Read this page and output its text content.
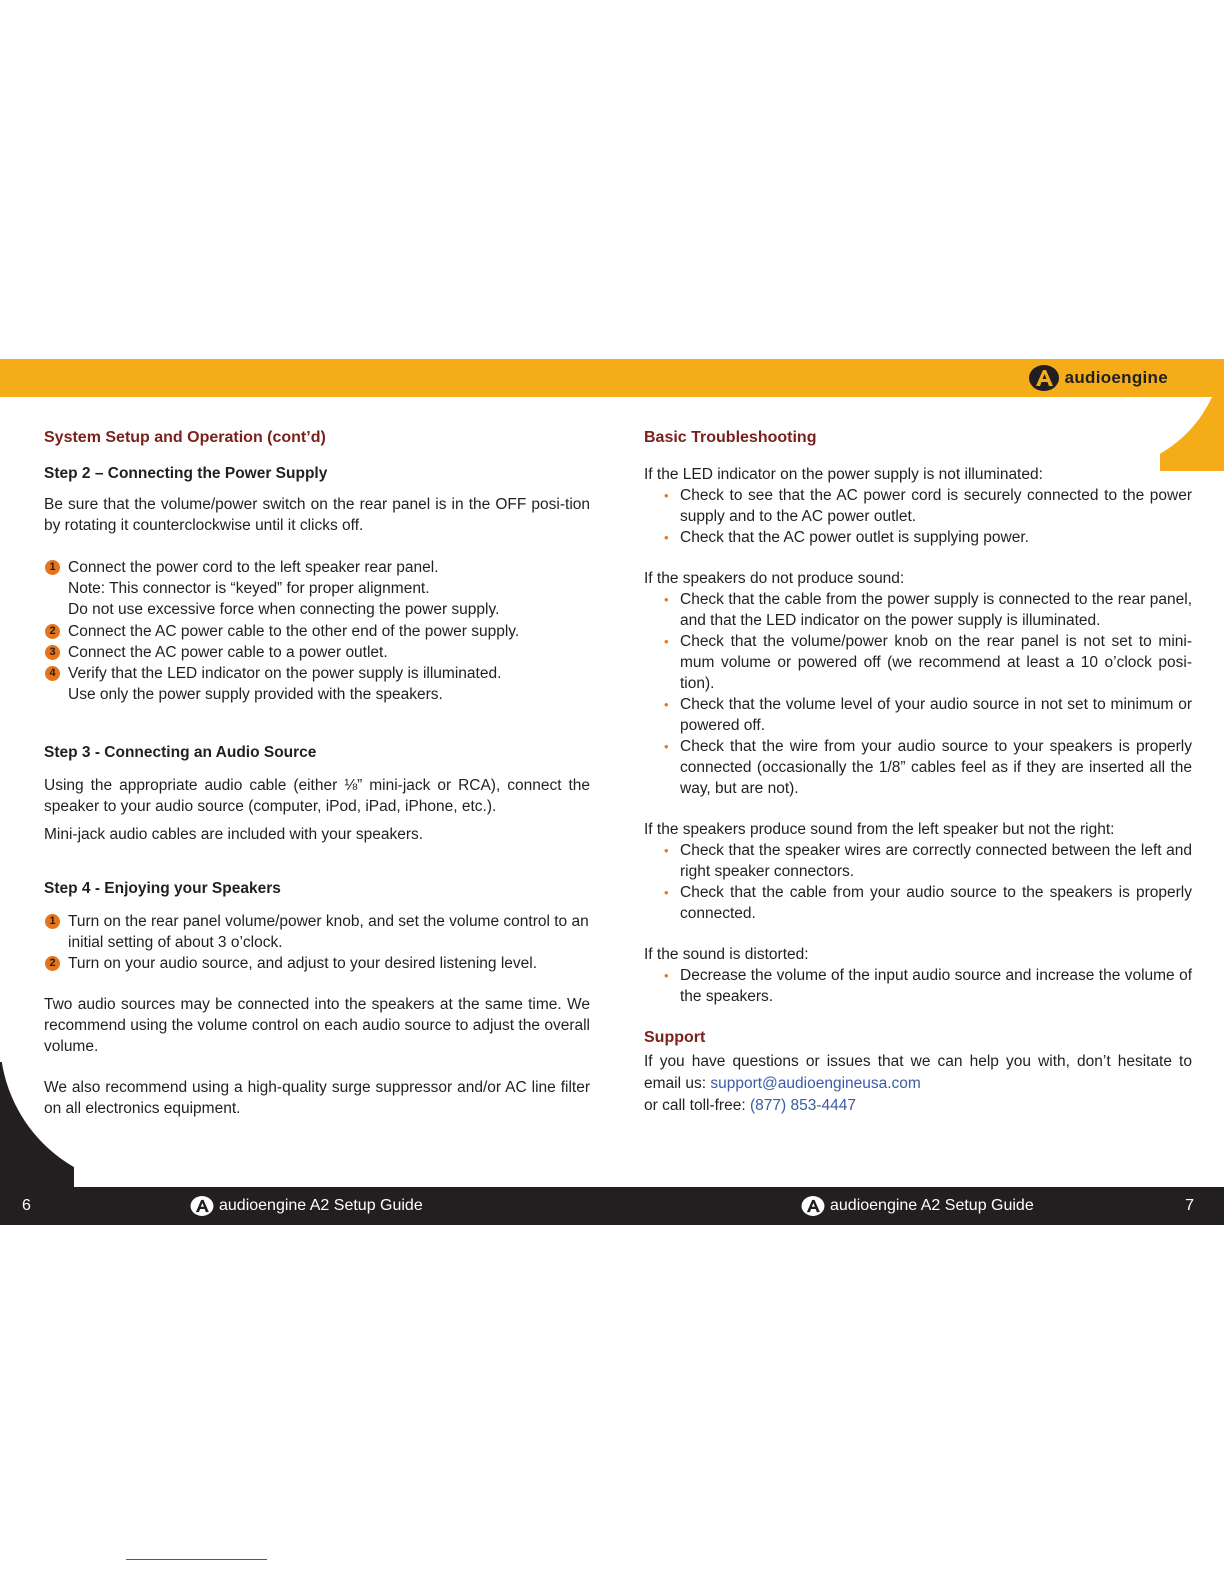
audioengine
System Setup and Operation (cont’d)
Step 2 – Connecting the Power Supply

Be sure that the volume/power switch on the rear panel is in the OFF posi-tion by rotating it counterclockwise until it clicks off.

1 Connect the power cord to the left speaker rear panel.
Note: This connector is “keyed” for proper alignment.
Do not use excessive force when connecting the power supply.
2 Connect the AC power cable to the other end of the power supply.
3 Connect the AC power cable to a power outlet.
4 Verify that the LED indicator on the power supply is illuminated.
Use only the power supply provided with the speakers.
Step 3 - Connecting an Audio Source

Using the appropriate audio cable (either ⅛” mini-jack or RCA), connect the speaker to your audio source (computer, iPod, iPad, iPhone, etc.).

Mini-jack audio cables are included with your speakers.

Step 4 - Enjoying your Speakers
1 Turn on the rear panel volume/power knob, and set the volume control to an initial setting of about 3 o’clock.
2 Turn on your audio source, and adjust to your desired listening level.

Two audio sources may be connected into the speakers at the same time. We recommend using the volume control on each audio source to adjust the overall volume.

We also recommend using a high-quality surge suppressor and/or AC line filter on all electronics equipment.

Basic Troubleshooting

If the LED indicator on the power supply is not illuminated:

• Check to see that the AC power cord is securely connected to the power supply and to the AC power outlet.
• Check that the AC power outlet is supplying power.

If the speakers do not produce sound:

• Check that the cable from the power supply is connected to the rear panel, and that the LED indicator on the power supply is illuminated.
• Check that the volume/power knob on the rear panel is not set to mini-mum volume or powered off (we recommend at least a 10 o’clock posi-tion).
• Check that the volume level of your audio source in not set to minimum or powered off.
• Check that the wire from your audio source to your speakers is properly connected (occasionally the 1/8” cables feel as if they are inserted all the way, but are not).

If the speakers produce sound from the left speaker but not the right:

• Check that the speaker wires are correctly connected between the left and right speaker connectors.
• Check that the cable from your audio source to the speakers is properly connected.

If the sound is distorted:

• Decrease the volume of the input audio source and increase the volume of the speakers.
Support

If you have questions or issues that we can help you with, don’t hesitate to email us: support@audioengineusa.com

or call toll-free: (877) 853-4447

6	audioengine A2 Setup Guide	audioengine A2 Setup Guide	7
